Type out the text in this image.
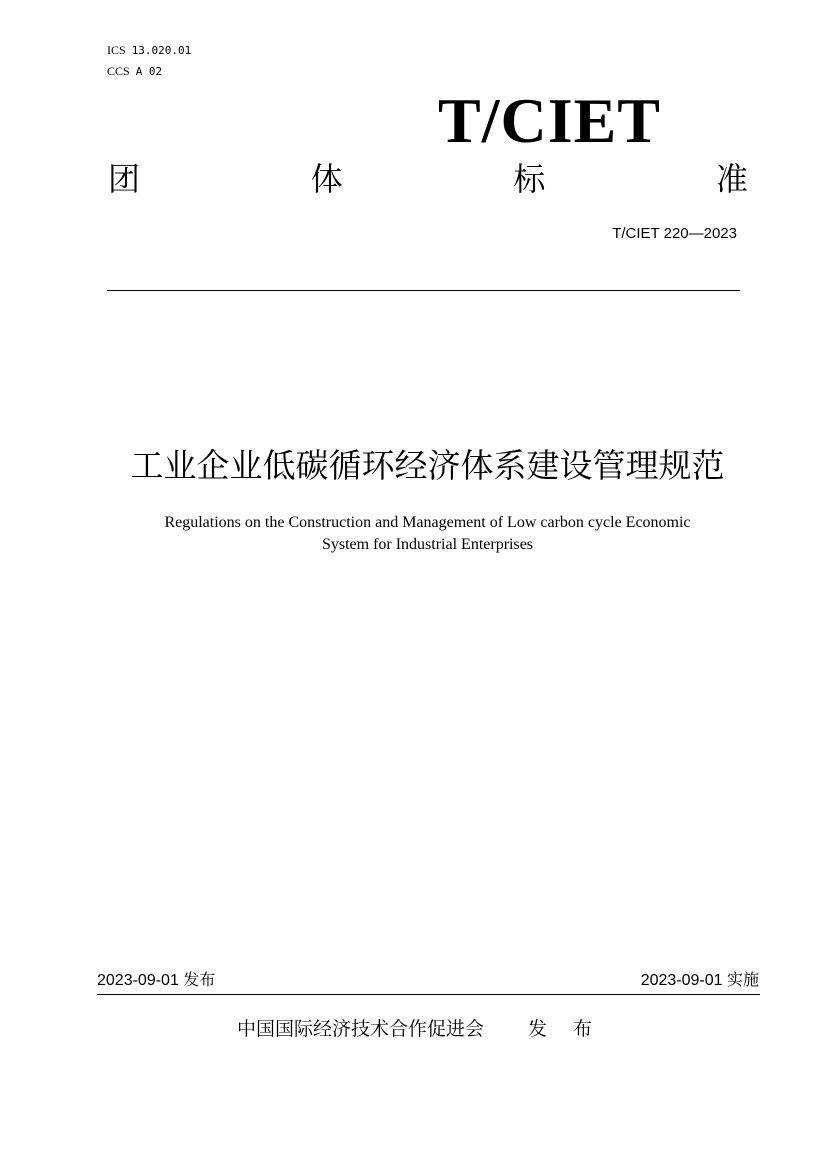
ICS 13.020.01
CCS A 02
T/CIET
团	体	标	准
T/CIET 220—2023
工业企业低碳循环经济体系建设管理规范
Regulations on the Construction and Management of Low carbon cycle Economic
System for Industrial Enterprises
2023-09-01 发布	2023-09-01 实施
中国国际经济技术合作促进会 发 布
